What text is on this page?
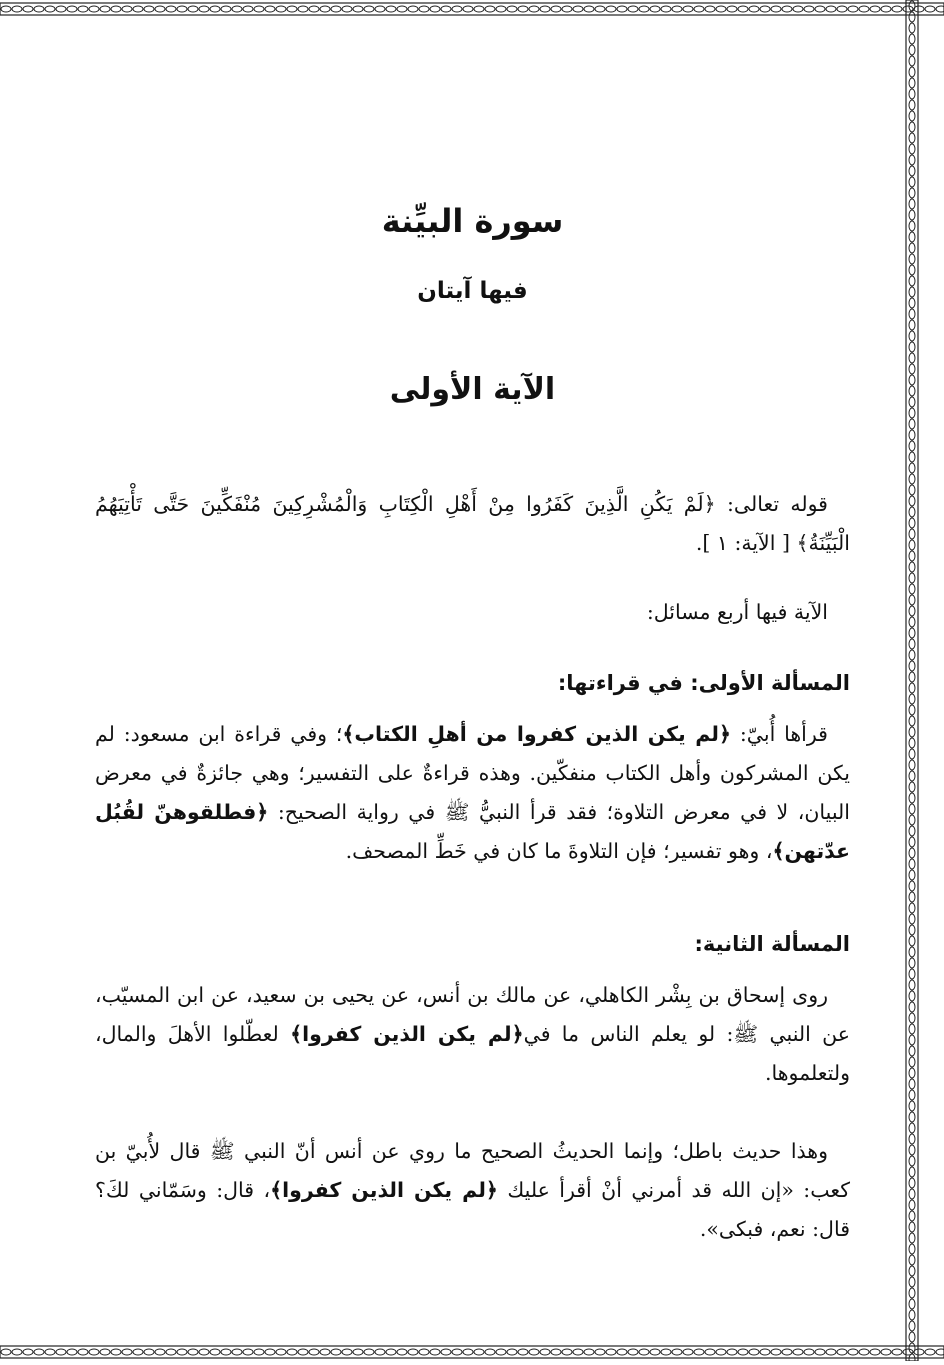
سورة البيِّنة
فيها آيتان
الآية الأولى
قوله تعالى: ﴿لَمْ يَكُنِ الَّذِينَ كَفَرُوا مِنْ أَهْلِ الْكِتَابِ وَالْمُشْرِكِينَ مُنْفَكِّينَ حَتَّى تَأْتِيَهُمُ الْبَيِّنَةُ﴾ [ الآية: ١ ].
الآية فيها أربع مسائل:
المسألة الأولى: في قراءتها:
قرأها أُبيّ: ﴿لم يكن الذين كفروا من أهلِ الكتاب﴾؛ وفي قراءة ابن مسعود: لم يكن المشركون وأهل الكتاب منفكّين. وهذه قراءةٌ على التفسير؛ وهي جائزةٌ في معرض البيان، لا في معرض التلاوة؛ فقد قرأ النبيُّ ﷺ في رواية الصحيح: ﴿فطلقوهنّ لقُبُل عدّتهن﴾، وهو تفسير؛ فإن التلاوةَ ما كان في خَطِّ المصحف.
المسألة الثانية:
روى إسحاق بن بِشْر الكاهلي، عن مالك بن أنس، عن يحيى بن سعيد، عن ابن المسيّب، عن النبي ﷺ: لو يعلم الناس ما في﴿لم يكن الذين كفروا﴾ لعطّلوا الأهلَ والمال، ولتعلموها.
وهذا حديث باطل؛ وإنما الحديثُ الصحيح ما روي عن أنس أنّ النبي ﷺ قال لأُبيّ بن كعب: «إن الله قد أمرني أنْ أقرأ عليك ﴿لم يكن الذين كفروا﴾، قال: وسَمّاني لكَ؟ قال: نعم، فبكى».
